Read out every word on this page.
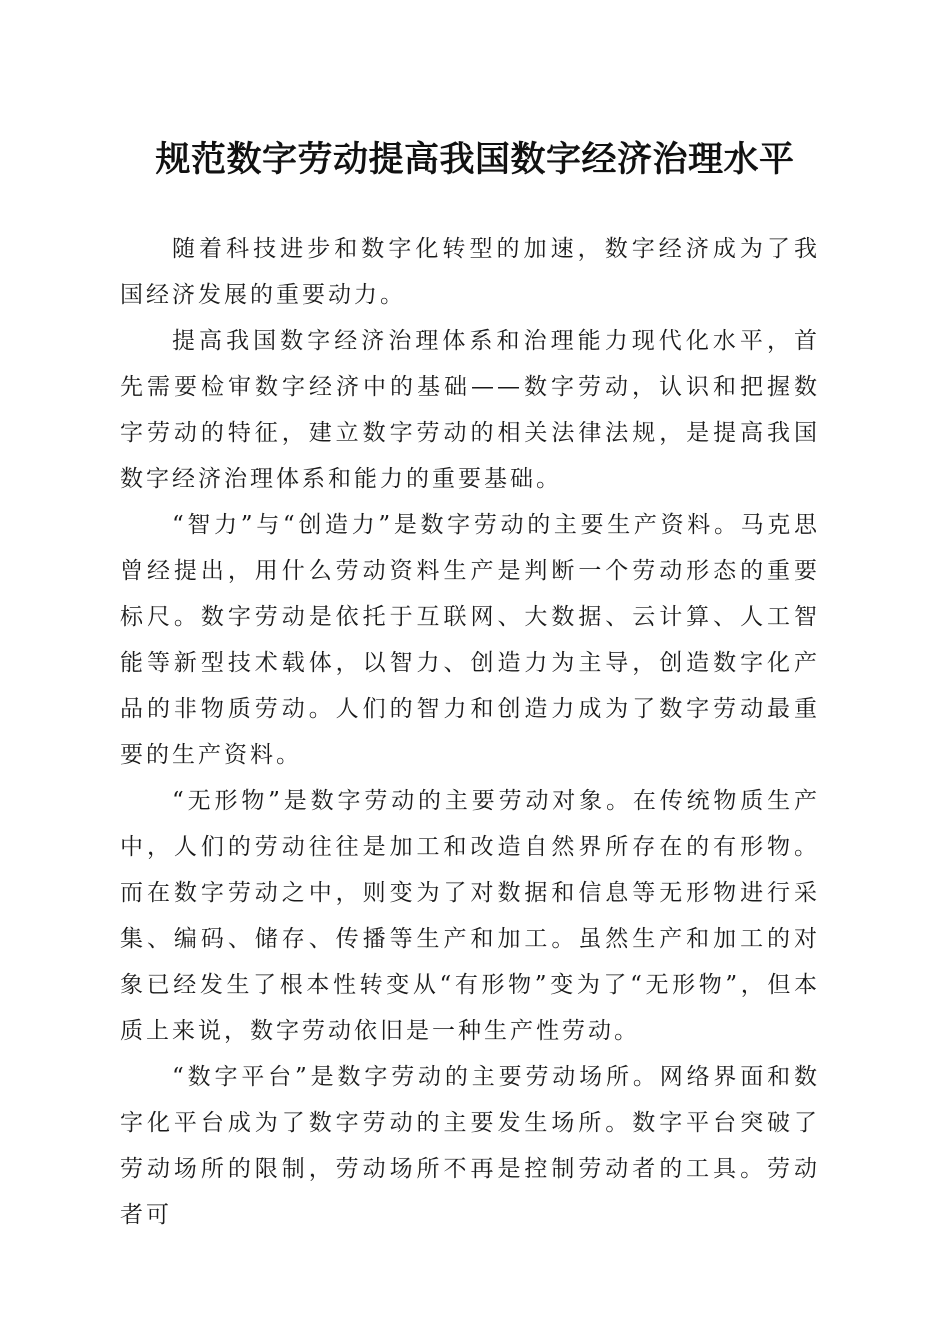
规范数字劳动提高我国数字经济治理水平

随着科技进步和数字化转型的加速，数字经济成为了我国经济发展的重要动力。

提高我国数字经济治理体系和治理能力现代化水平，首先需要检审数字经济中的基础——数字劳动，认识和把握数字劳动的特征，建立数字劳动的相关法律法规，是提高我国数字经济治理体系和能力的重要基础。

“智力”与“创造力”是数字劳动的主要生产资料。马克思曾经提出，用什么劳动资料生产是判断一个劳动形态的重要标尺。数字劳动是依托于互联网、大数据、云计算、人工智能等新型技术载体，以智力、创造力为主导，创造数字化产品的非物质劳动。人们的智力和创造力成为了数字劳动最重要的生产资料。

“无形物”是数字劳动的主要劳动对象。在传统物质生产中，人们的劳动往往是加工和改造自然界所存在的有形物。而在数字劳动之中，则变为了对数据和信息等无形物进行采集、编码、储存、传播等生产和加工。虽然生产和加工的对象已经发生了根本性转变从“有形物”变为了“无形物”，但本质上来说，数字劳动依旧是一种生产性劳动。

“数字平台”是数字劳动的主要劳动场所。网络界面和数字化平台成为了数字劳动的主要发生场所。数字平台突破了劳动场所的限制，劳动场所不再是控制劳动者的工具。劳动者可
